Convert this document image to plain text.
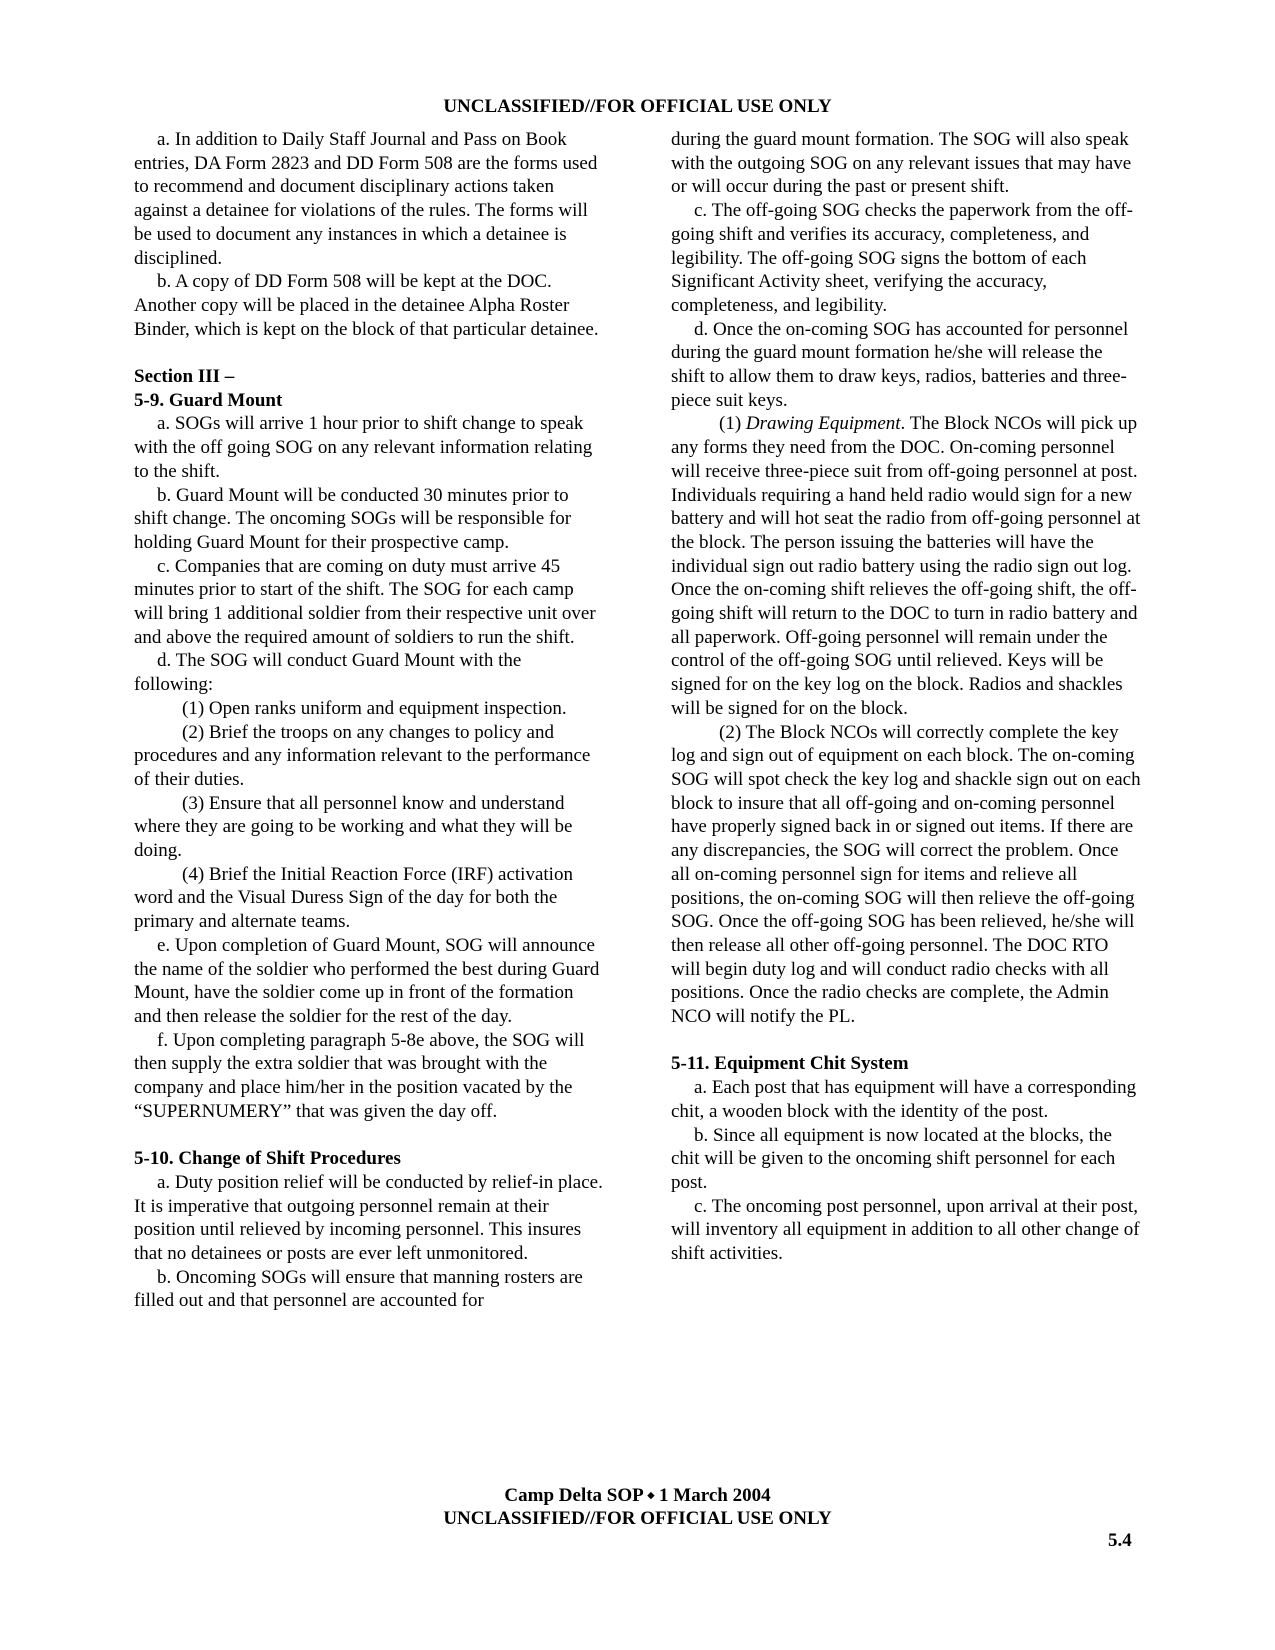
UNCLASSIFIED//FOR OFFICIAL USE ONLY

a. In addition to Daily Staff Journal and Pass on Book entries, DA Form 2823 and DD Form 508 are the forms used to recommend and document disciplinary actions taken against a detainee for violations of the rules. The forms will be used to document any instances in which a detainee is disciplined.

b. A copy of DD Form 508 will be kept at the DOC. Another copy will be placed in the detainee Alpha Roster Binder, which is kept on the block of that particular detainee.

Section III –

5-9. Guard Mount

a. SOGs will arrive 1 hour prior to shift change to speak with the off going SOG on any relevant information relating to the shift.

b. Guard Mount will be conducted 30 minutes prior to shift change. The oncoming SOGs will be responsible for holding Guard Mount for their prospective camp.

c. Companies that are coming on duty must arrive 45 minutes prior to start of the shift. The SOG for each camp will bring 1 additional soldier from their respective unit over and above the required amount of soldiers to run the shift.

d. The SOG will conduct Guard Mount with the following:

(1) Open ranks uniform and equipment inspection.

(2) Brief the troops on any changes to policy and procedures and any information relevant to the performance of their duties.

(3) Ensure that all personnel know and understand where they are going to be working and what they will be doing.

(4) Brief the Initial Reaction Force (IRF) activation word and the Visual Duress Sign of the day for both the primary and alternate teams.

e. Upon completion of Guard Mount, SOG will announce the name of the soldier who performed the best during Guard Mount, have the soldier come up in front of the formation and then release the soldier for the rest of the day.

f. Upon completing paragraph 5-8e above, the SOG will then supply the extra soldier that was brought with the company and place him/her in the position vacated by the “SUPERNUMERY” that was given the day off.

5-10. Change of Shift Procedures

a. Duty position relief will be conducted by relief-in place. It is imperative that outgoing personnel remain at their position until relieved by incoming personnel. This insures that no detainees or posts are ever left unmonitored.

b. Oncoming SOGs will ensure that manning rosters are filled out and that personnel are accounted for

during the guard mount formation. The SOG will also speak with the outgoing SOG on any relevant issues that may have or will occur during the past or present shift.

c. The off-going SOG checks the paperwork from the off-going shift and verifies its accuracy, completeness, and legibility. The off-going SOG signs the bottom of each Significant Activity sheet, verifying the accuracy, completeness, and legibility.

d. Once the on-coming SOG has accounted for personnel during the guard mount formation he/she will release the shift to allow them to draw keys, radios, batteries and three-piece suit keys.

(1) Drawing Equipment. The Block NCOs will pick up any forms they need from the DOC. On-coming personnel will receive three-piece suit from off-going personnel at post. Individuals requiring a hand held radio would sign for a new battery and will hot seat the radio from off-going personnel at the block. The person issuing the batteries will have the individual sign out radio battery using the radio sign out log. Once the on-coming shift relieves the off-going shift, the off-going shift will return to the DOC to turn in radio battery and all paperwork. Off-going personnel will remain under the control of the off-going SOG until relieved. Keys will be signed for on the key log on the block. Radios and shackles will be signed for on the block.

(2) The Block NCOs will correctly complete the key log and sign out of equipment on each block. The on-coming SOG will spot check the key log and shackle sign out on each block to insure that all off-going and on-coming personnel have properly signed back in or signed out items. If there are any discrepancies, the SOG will correct the problem. Once all on-coming personnel sign for items and relieve all positions, the on-coming SOG will then relieve the off-going SOG. Once the off-going SOG has been relieved, he/she will then release all other off-going personnel. The DOC RTO will begin duty log and will conduct radio checks with all positions. Once the radio checks are complete, the Admin NCO will notify the PL.

5-11. Equipment Chit System

a. Each post that has equipment will have a corresponding chit, a wooden block with the identity of the post.

b. Since all equipment is now located at the blocks, the chit will be given to the oncoming shift personnel for each post.

c. The oncoming post personnel, upon arrival at their post, will inventory all equipment in addition to all other change of shift activities.

Camp Delta SOP ⬩ 1 March 2004
UNCLASSIFIED//FOR OFFICIAL USE ONLY
5.4
